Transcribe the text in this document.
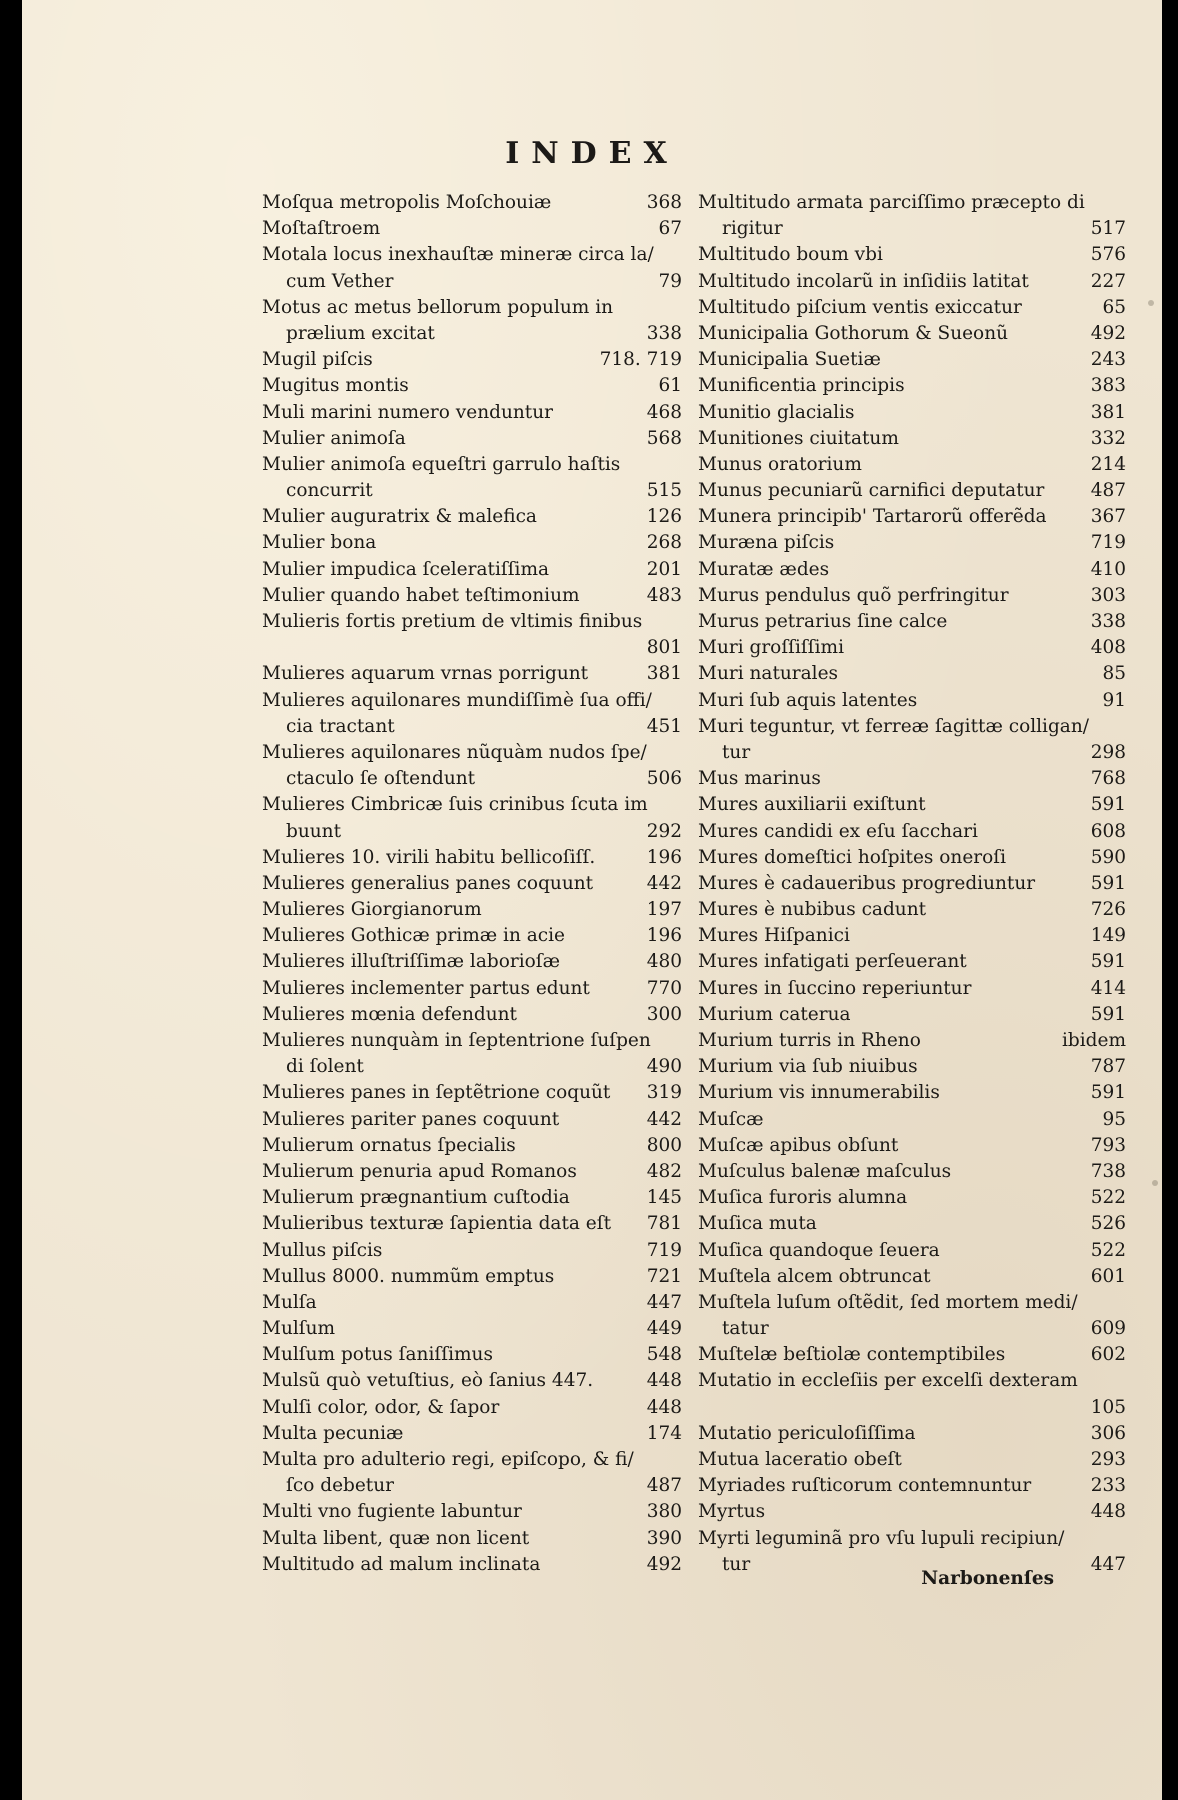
INDEX
Moſqua metropolis Moſchouiæ	368
Moſtaſtroem	67
Motala locus inexhauſtæ mineræ circa la/
cum Vether	79
Motus ac metus bellorum populum in
prælium excitat	338
Mugil piſcis	718. 719
Mugitus montis	61
Muli marini numero venduntur	468
Mulier animoſa	568
Mulier animoſa equeſtri garrulo haſtis
concurrit	515
Mulier auguratrix & malefica	126
Mulier bona	268
Mulier impudica ſceleratiſſima	201
Mulier quando habet teſtimonium	483
Mulieris fortis pretium de vltimis finibus
801
Mulieres aquarum vrnas porrigunt	381
Mulieres aquilonares mundiſſimè ſua offi/
cia tractant	451
Mulieres aquilonares nũquàm nudos ſpe/
ctaculo ſe oſtendunt	506
Mulieres Cimbricæ ſuis crinibus ſcuta im
buunt	292
Mulieres 10. virili habitu bellicoſiſſ.	196
Mulieres generalius panes coquunt	442
Mulieres Giorgianorum	197
Mulieres Gothicæ primæ in acie	196
Mulieres illuſtriſſimæ laborioſæ	480
Mulieres inclementer partus edunt	770
Mulieres mœnia defendunt	300
Mulieres nunquàm in ſeptentrione ſuſpen
di ſolent	490
Mulieres panes in ſeptẽtrione coquũt	319
Mulieres pariter panes coquunt	442
Mulierum ornatus ſpecialis	800
Mulierum penuria apud Romanos	482
Mulierum prægnantium cuſtodia	145
Mulieribus texturæ ſapientia data eſt	781
Mullus piſcis	719
Mullus 8000. nummũm emptus	721
Mulſa	447
Mulſum	449
Mulſum potus ſaniſſimus	548
Mulsũ quò vetuſtius, eò ſanius 447.	448
Mulſi color, odor, & ſapor	448
Multa pecuniæ	174
Multa pro adulterio regi, epiſcopo, & fi/
ſco debetur	487
Multi vno fugiente labuntur	380
Multa libent, quæ non licent	390
Multitudo ad malum inclinata	492
Multitudo armata parciſſimo præcepto di
rigitur	517
Multitudo boum vbi	576
Multitudo incolarũ in inſidiis latitat	227
Multitudo piſcium ventis exiccatur	65
Municipalia Gothorum & Sueonũ	492
Municipalia Suetiæ	243
Munificentia principis	383
Munitio glacialis	381
Munitiones ciuitatum	332
Munus oratorium	214
Munus pecuniarũ carnifici deputatur	487
Munera principib' Tartarorũ offerẽda	367
Muræna piſcis	719
Muratæ ædes	410
Murus pendulus quõ perfringitur	303
Murus petrarius ſine calce	338
Muri groſſiſſimi	408
Muri naturales	85
Muri ſub aquis latentes	91
Muri teguntur, vt ferreæ ſagittæ colligan/
tur	298
Mus marinus	768
Mures auxiliarii exiſtunt	591
Mures candidi ex eſu ſacchari	608
Mures domeſtici hoſpites oneroſi	590
Mures è cadaueribus progrediuntur	591
Mures è nubibus cadunt	726
Mures Hiſpanici	149
Mures infatigati perſeuerant	591
Mures in ſuccino reperiuntur	414
Murium caterua	591
Murium turris in Rheno	ibidem
Murium via ſub niuibus	787
Murium vis innumerabilis	591
Muſcæ	95
Muſcæ apibus obſunt	793
Muſculus balenæ maſculus	738
Muſica furoris alumna	522
Muſica muta	526
Muſica quandoque ſeuera	522
Muſtela alcem obtruncat	601
Muſtela luſum oſtẽdit, ſed mortem medi/
tatur	609
Muſtelæ beſtiolæ contemptibiles	602
Mutatio in eccleſiis per excelſi dexteram
105
Mutatio periculoſiſſima	306
Mutua laceratio obeſt	293
Myriades ruſticorum contemnuntur	233
Myrtus	448
Myrti leguminã pro vſu lupuli recipiun/
tur	447
Narbonenſes
